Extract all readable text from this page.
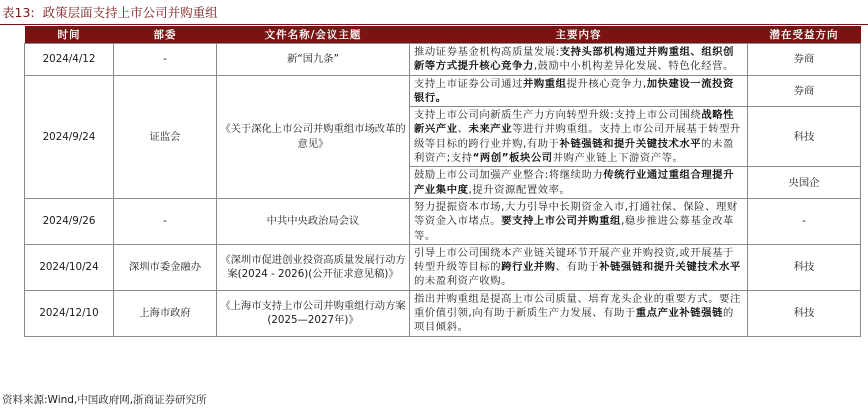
表13: 政策层面支持上市公司并购重组
时间	部委	文件名称/会议主题	主要内容	潜在受益方向
2024/4/12	-	新“国九条”	推动证券基金机构高质量发展:支持头部机构通过并购重组、组织创新等方式提升核心竞争力,鼓励中小机构差异化发展、特色化经营。	券商
2024/9/24	证监会	《关于深化上市公司并购重组市场改革的意见》	支持上市证券公司通过并购重组提升核心竞争力,加快建设一流投资银行。	券商
			支持上市公司向新质生产力方向转型升级:支持上市公司围绕战略性新兴产业、未来产业等进行并购重组。支持上市公司开展基于转型升级等目标的跨行业并购,有助于补链强链和提升关键技术水平的未盈利资产;支持“两创”板块公司并购产业链上下游资产等。	科技
			鼓励上市公司加强产业整合:将继续助力传统行业通过重组合理提升产业集中度,提升资源配置效率。	央国企
2024/9/26	-	中共中央政治局会议	努力提振资本市场,大力引导中长期资金入市,打通社保、保险、理财等资金入市堵点。要支持上市公司并购重组,稳步推进公募基金改革等。	-
2024/10/24	深圳市委金融办	《深圳市促进创业投资高质量发展行动方案(2024 - 2026)(公开征求意见稿)》	引导上市公司围绕本产业链关键环节开展产业并购投资,或开展基于转型升级等目标的跨行业并购、有助于补链强链和提升关键技术水平的未盈利资产收购。	科技
2024/12/10	上海市政府	《上海市支持上市公司并购重组行动方案(2025—2027年)》	指出并购重组是提高上市公司质量、培育龙头企业的重要方式。要注重价值引领,向有助于新质生产力发展、有助于重点产业补链强链的项目倾斜。	科技
资料来源:Wind,中国政府网,浙商证券研究所
